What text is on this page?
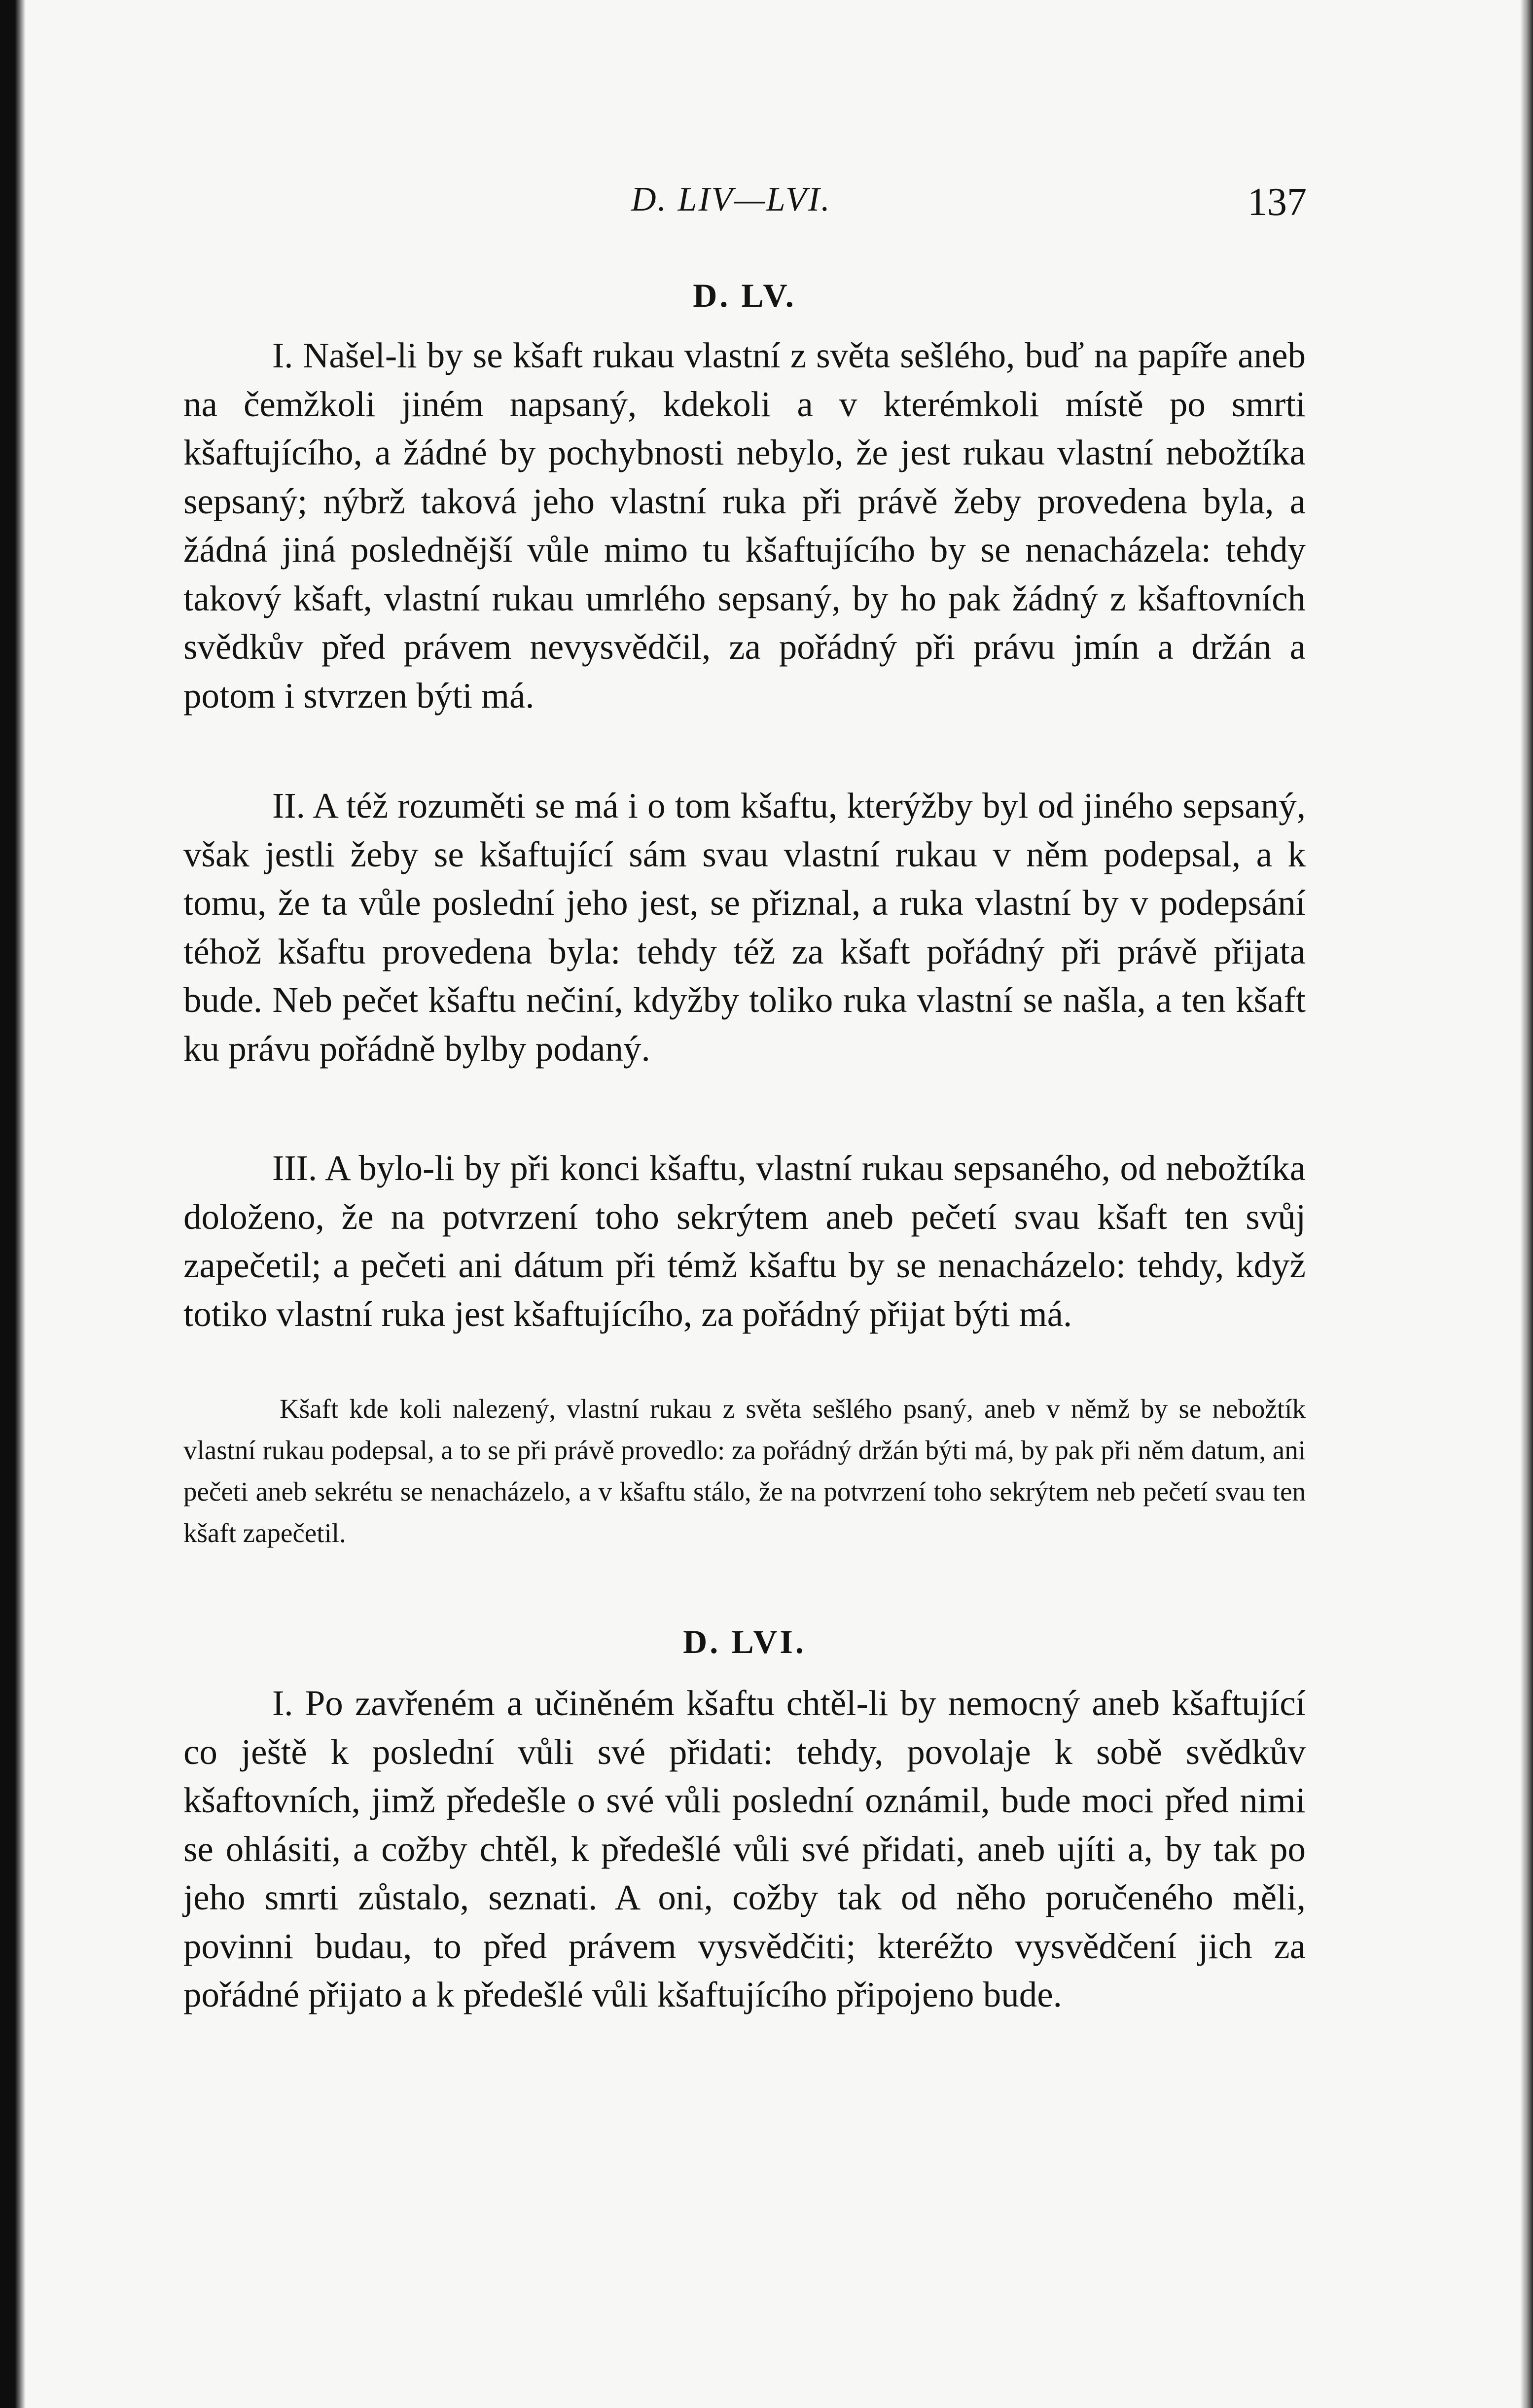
D. LIV—LVI.	137
D. LV.

I. Našel-li by se kšaft rukau vlastní z světa sešlého, buď na papíře aneb na čemžkoli jiném napsaný, kdekoli a v kterémkoli místě po smrti kšaftujícího, a žádné by pochybnosti nebylo, že jest rukau vlastní nebožtíka sepsaný; nýbrž taková jeho vlastní ruka při právě žeby provedena byla, a žádná jiná poslednější vůle mimo tu kšaftujícího by se nenacházela: tehdy takový kšaft, vlastní rukau umrlého sepsaný, by ho pak žádný z kšaftovních svědkův před právem nevysvědčil, za pořádný při právu jmín a držán a potom i stvrzen býti má.

II. A též rozuměti se má i o tom kšaftu, kterýžby byl od jiného sepsaný, však jestli žeby se kšaftující sám svau vlastní rukau v něm podepsal, a k tomu, že ta vůle poslední jeho jest, se přiznal, a ruka vlastní by v podepsání téhož kšaftu provedena byla: tehdy též za kšaft pořádný při právě přijata bude. Neb pečet kšaftu nečiní, kdyžby toliko ruka vlastní se našla, a ten kšaft ku právu pořádně bylby podaný.

III. A bylo-li by při konci kšaftu, vlastní rukau sepsaného, od nebožtíka doloženo, že na potvrzení toho sekrýtem aneb pečetí svau kšaft ten svůj zapečetil; a pečeti ani dátum při témž kšaftu by se nenacházelo: tehdy, když totiko vlastní ruka jest kšaftujícího, za pořádný přijat býti má.

Kšaft kde koli nalezený, vlastní rukau z světa sešlého psaný, aneb v němž by se nebožtík vlastní rukau podepsal, a to se při právě provedlo: za pořádný držán býti má, by pak při něm datum, ani pečeti aneb sekrétu se nenacházelo, a v kšaftu stálo, že na potvrzení toho sekrýtem neb pečetí svau ten kšaft zapečetil.

D. LVI.

I. Po zavřeném a učiněném kšaftu chtěl-li by nemocný aneb kšaftující co ještě k poslední vůli své přidati: tehdy, povolaje k sobě svědkův kšaftovních, jimž předešle o své vůli poslední oznámil, bude moci před nimi se ohlásiti, a cožby chtěl, k předešlé vůli své přidati, aneb ujíti a, by tak po jeho smrti zůstalo, seznati. A oni, cožby tak od něho poručeného měli, povinni budau, to před právem vysvědčiti; kteréžto vysvědčení jich za pořádné přijato a k předešlé vůli kšaftujícího připojeno bude.
